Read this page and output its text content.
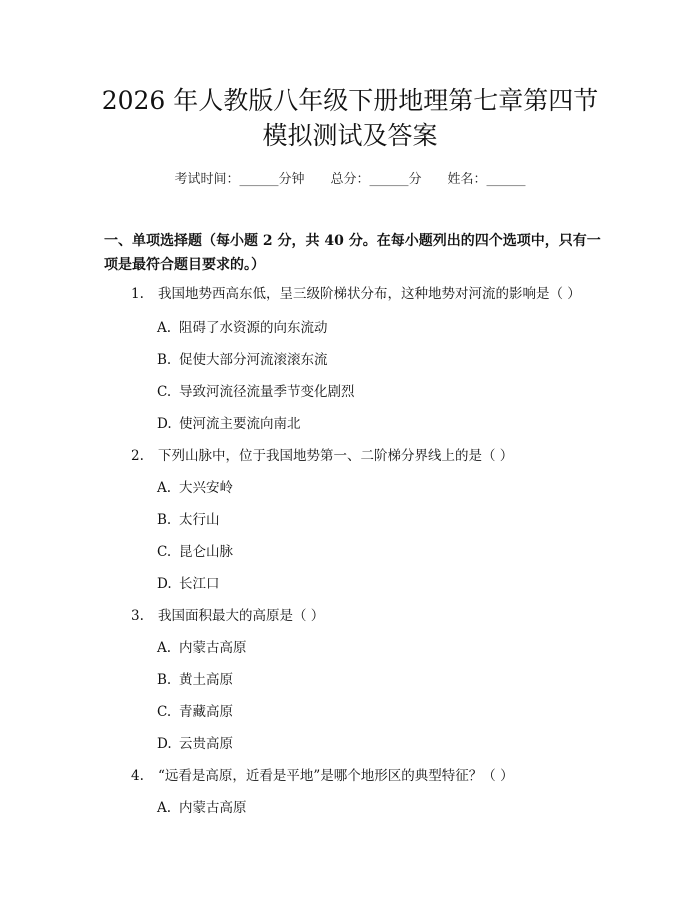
2026 年人教版八年级下册地理第七章第四节
模拟测试及答案
考试时间：______分钟 总分：______分 姓名：______
一、单项选择题（每小题 2 分，共 40 分。在每小题列出的四个选项中，只有一项是最符合题目要求的。）
1. 我国地势西高东低，呈三级阶梯状分布，这种地势对河流的影响是（ ）
A. 阻碍了水资源的向东流动
B. 促使大部分河流滚滚东流
C. 导致河流径流量季节变化剧烈
D. 使河流主要流向南北
2. 下列山脉中，位于我国地势第一、二阶梯分界线上的是（ ）
A. 大兴安岭
B. 太行山
C. 昆仑山脉
D. 长江口
3. 我国面积最大的高原是（ ）
A. 内蒙古高原
B. 黄土高原
C. 青藏高原
D. 云贵高原
4. “远看是高原，近看是平地”是哪个地形区的典型特征？（ ）
A. 内蒙古高原
